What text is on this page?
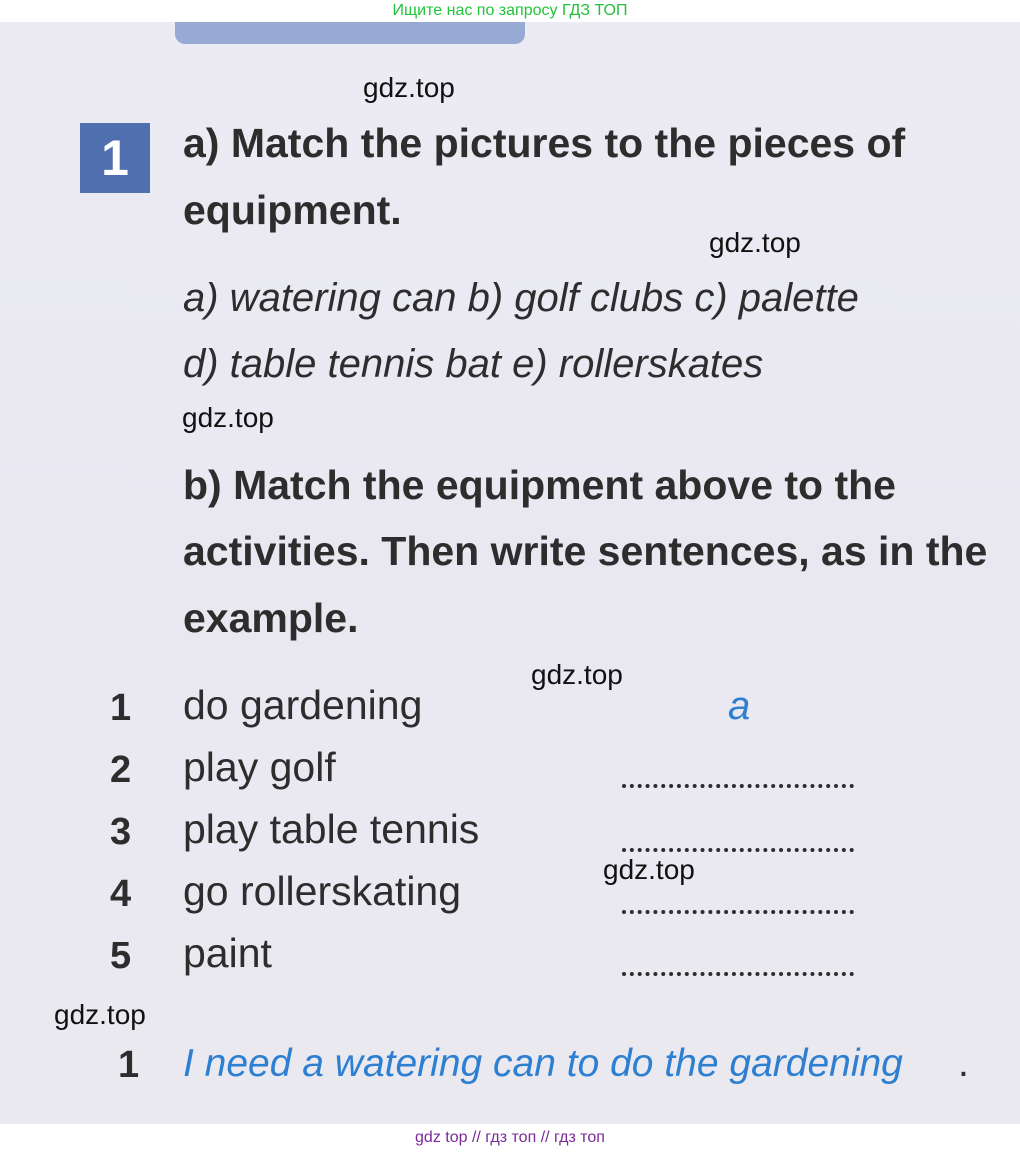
Ищите нас по запросу ГДЗ ТОП
1	a) Match the pictures to the pieces of
equipment.
a) watering can b) golf clubs c) palette
d) table tennis bat e) rollerskates
b) Match the equipment above to the
activities. Then write sentences, as in the
example.
1 do gardening	a
2 play golf
3 play table tennis
4 go rollerskating
5 paint
1 I need a watering can to do the gardening .
gdz.top
gdz.top
gdz.top
gdz.top
gdz.top
gdz.top
gdz top // гдз топ // гдз топ
